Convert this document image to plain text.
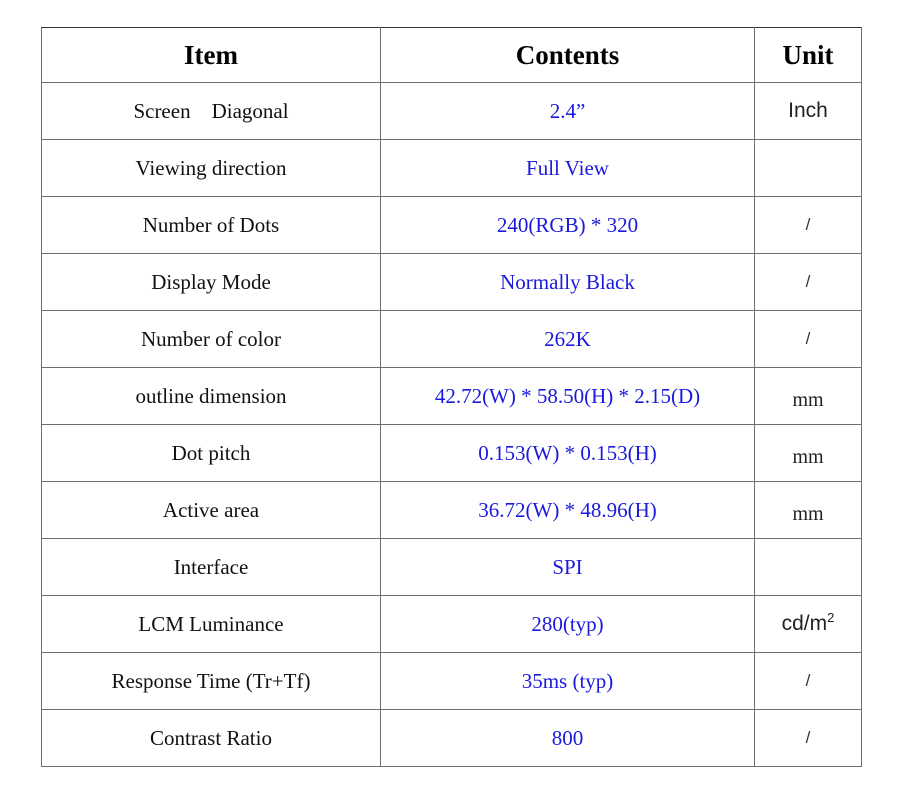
Item	Contents	Unit
Screen    Diagonal	2.4”	Inch
Viewing direction	Full View	
Number of Dots	240(RGB) * 320	/
Display Mode	Normally Black	/
Number of color	262K	/
outline dimension	42.72(W) * 58.50(H) * 2.15(D)	mm
Dot pitch	0.153(W) * 0.153(H)	mm
Active area	36.72(W) * 48.96(H)	mm
Interface	SPI	
LCM Luminance	280(typ)	$cd/m^2$
Response Time (Tr+Tf)	35ms (typ)	/
Contrast Ratio	800	/
